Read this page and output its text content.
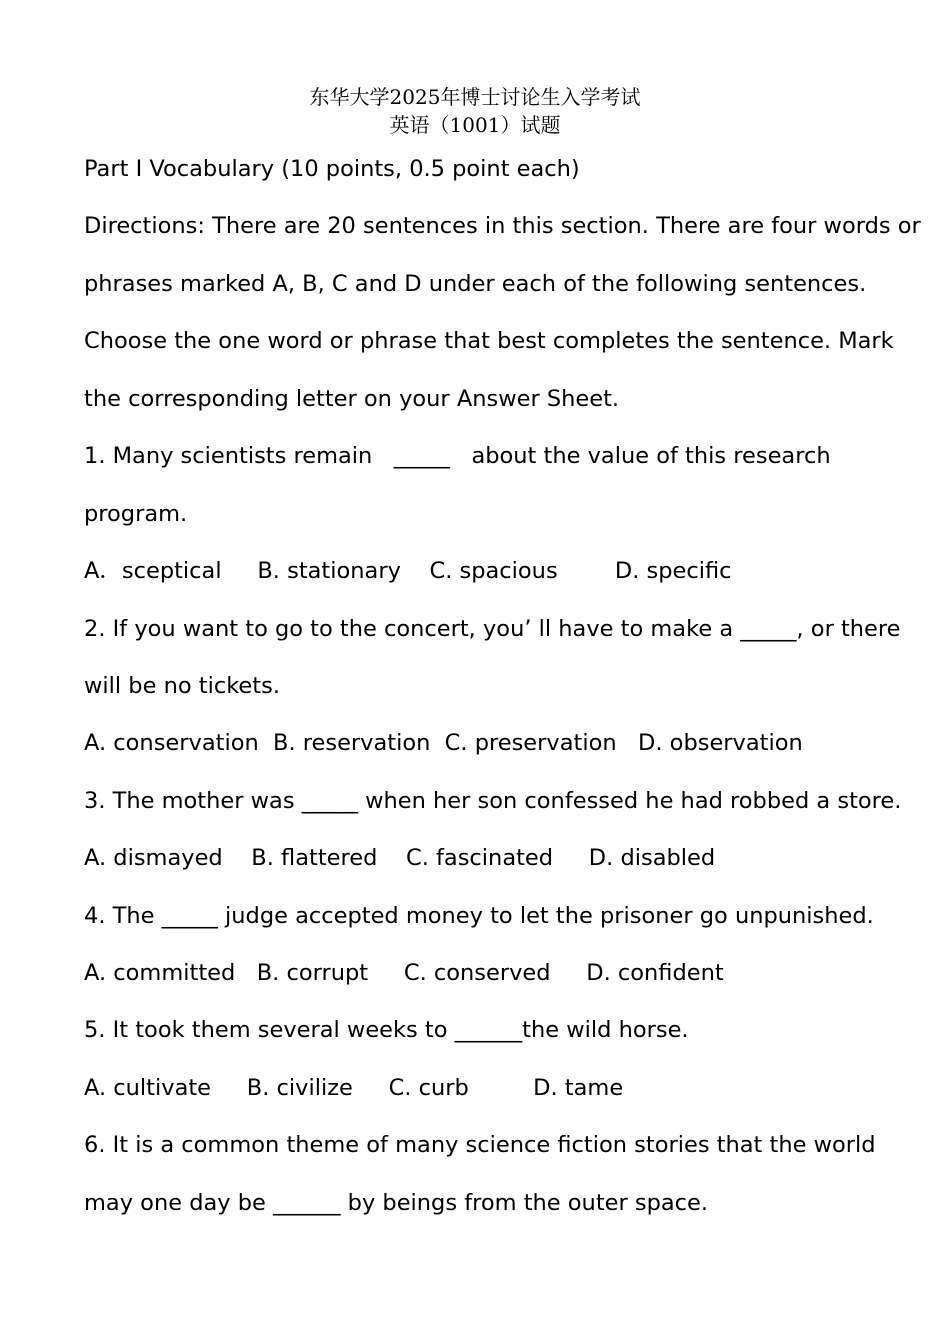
东华大学2025年博士讨论生入学考试
英语（1001）试题
Part I Vocabulary (10 points, 0.5 point each)
Directions: There are 20 sentences in this section. There are four words or
phrases marked A, B, C and D under each of the following sentences.
Choose the one word or phrase that best completes the sentence. Mark
the corresponding letter on your Answer Sheet.
1. Many scientists remain   _____   about the value of this research
program.
A．sceptical     B. stationary    C. spacious        D. specific
2. If you want to go to the concert, you’ ll have to make a _____, or there
will be no tickets.
A. conservation  B. reservation  C. preservation   D. observation
3. The mother was _____ when her son confessed he had robbed a store.
A. dismayed    B. flattered    C. fascinated     D. disabled
4. The _____ judge accepted money to let the prisoner go unpunished.
A. committed   B. corrupt     C. conserved     D. confident
5. It took them several weeks to ______the wild horse.
A. cultivate     B. civilize     C. curb         D. tame
6. It is a common theme of many science fiction stories that the world
may one day be ______ by beings from the outer space.
